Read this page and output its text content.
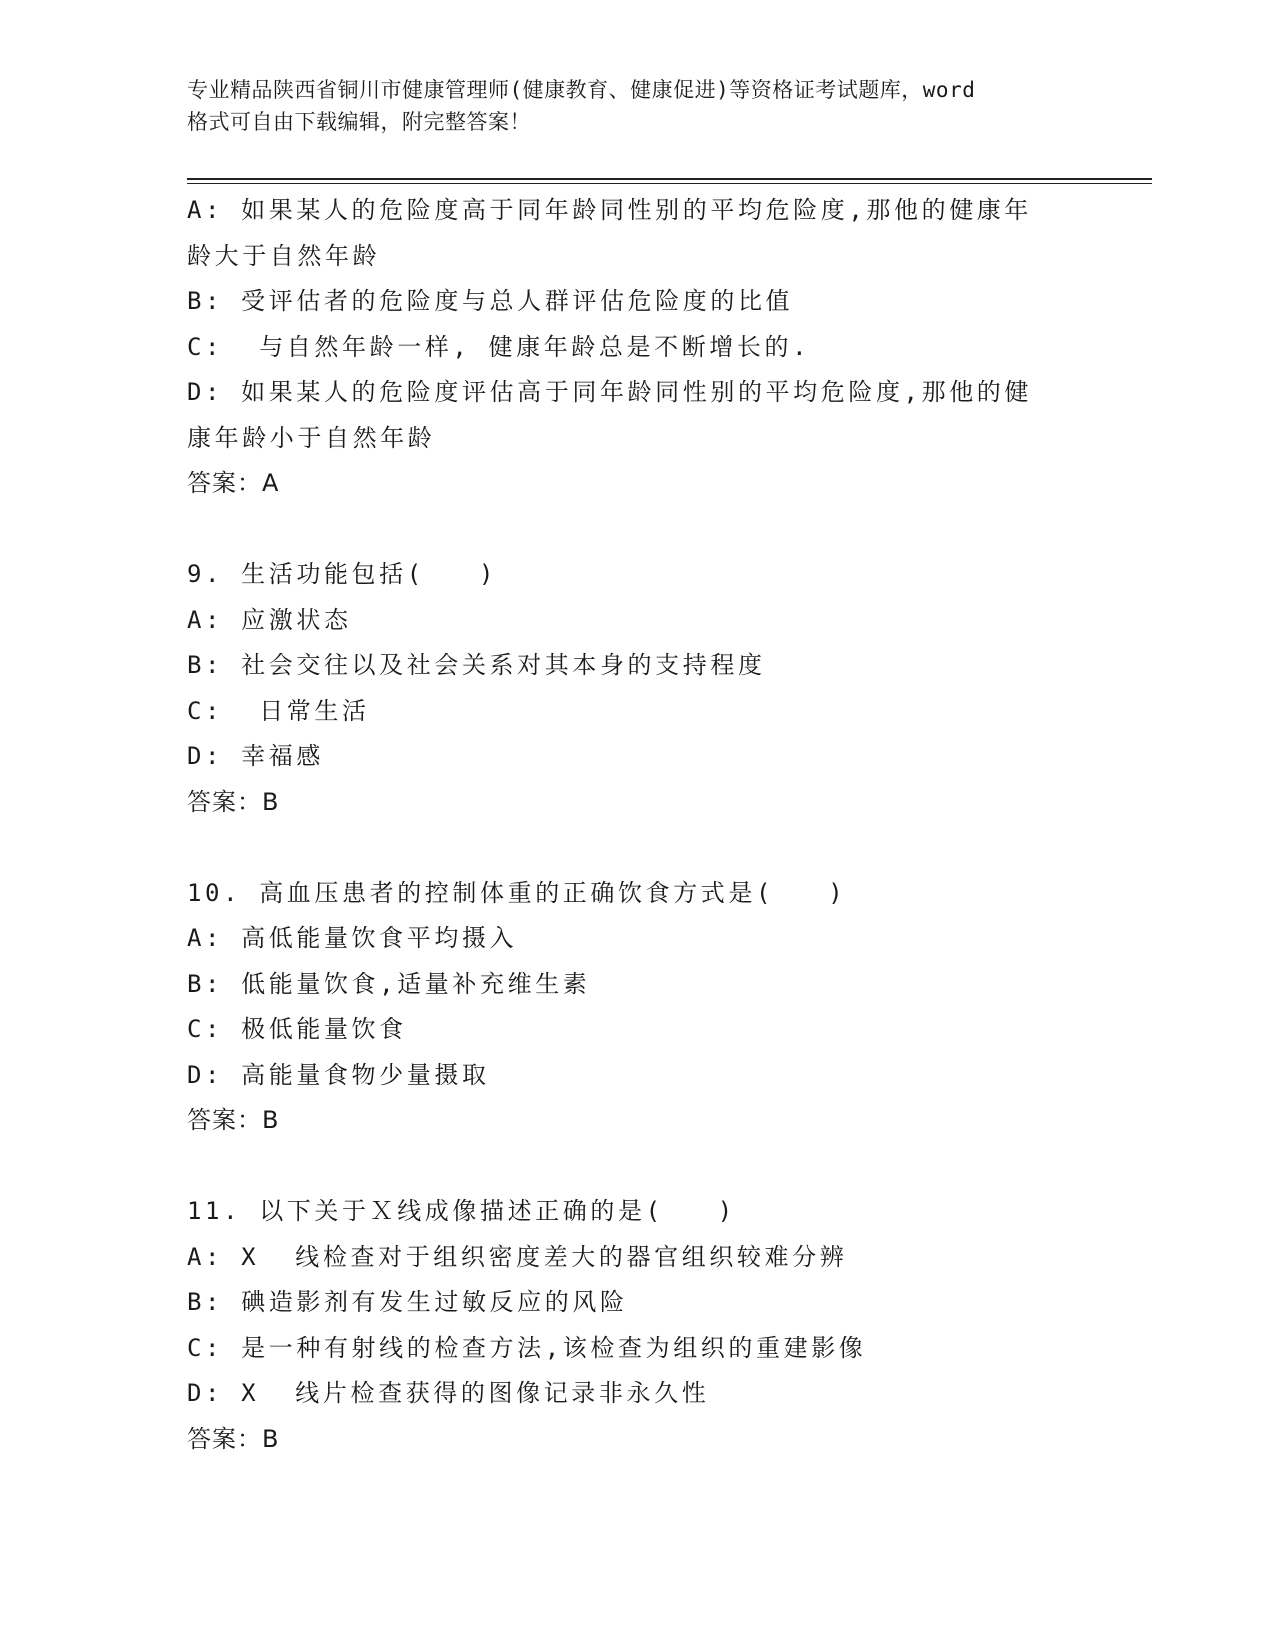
专业精品陕西省铜川市健康管理师(健康教育、健康促进)等资格证考试题库，word
格式可自由下载编辑，附完整答案！
A: 如果某人的危险度高于同年龄同性别的平均危险度,那他的健康年
龄大于自然年龄
B: 受评估者的危险度与总人群评估危险度的比值
C:  与自然年龄一样, 健康年龄总是不断增长的.
D: 如果某人的危险度评估高于同年龄同性别的平均危险度,那他的健
康年龄小于自然年龄
答案：A
9. 生活功能包括(   )
A: 应激状态
B: 社会交往以及社会关系对其本身的支持程度
C:  日常生活
D: 幸福感
答案：B
10. 高血压患者的控制体重的正确饮食方式是(   )
A: 高低能量饮食平均摄入
B: 低能量饮食,适量补充维生素
C: 极低能量饮食
D: 高能量食物少量摄取
答案：B
11. 以下关于Ｘ线成像描述正确的是(   )
A: X  线检查对于组织密度差大的器官组织较难分辨
B: 碘造影剂有发生过敏反应的风险
C: 是一种有射线的检查方法,该检查为组织的重建影像
D: X  线片检查获得的图像记录非永久性
答案：B
